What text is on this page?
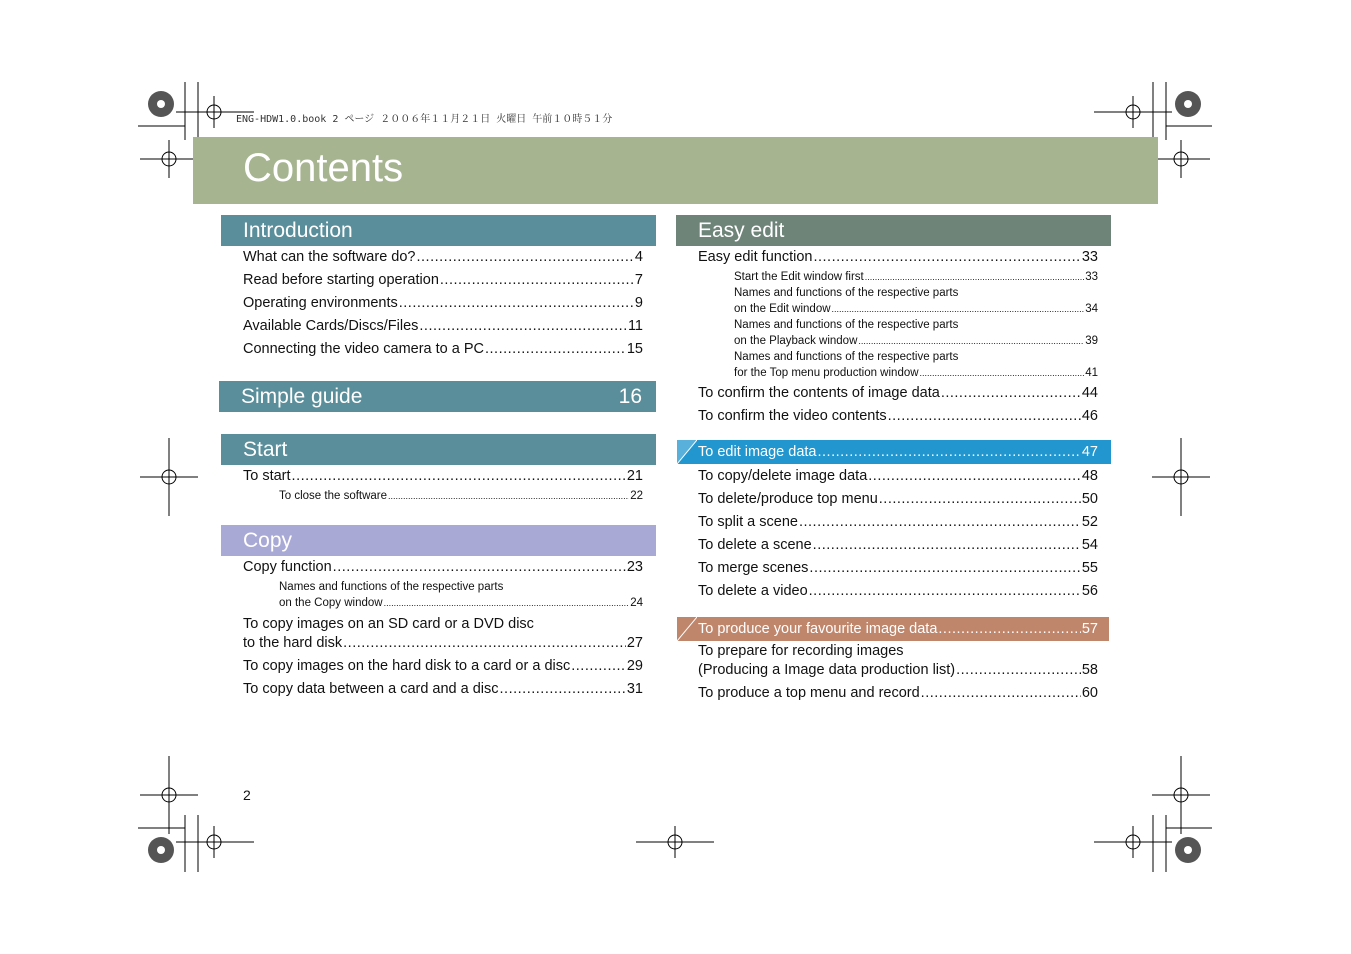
ENG-HDW1.0.book 2 ページ ２００６年１１月２１日 火曜日 午前１０時５１分
Contents
Introduction
What can the software do? .....	4
Read before starting operation .....	7
Operating environments .....	9
Available Cards/Discs/Files .....	11
Connecting the video camera to a PC .....	15
Simple guide	16
Start
To start .....	21
To close the software .....	22
Copy
Copy function .....	23
Names and functions of the respective parts
on the Copy window .....	24
To copy images on an SD card or a DVD disc
to the hard disk .....	27
To copy images on the hard disk to a card or a disc .....	29
To copy data between a card and a disc .....	31
Easy edit
Easy edit function .....	33
Start the Edit window first .....	33
Names and functions of the respective parts
on the Edit window .....	34
Names and functions of the respective parts
on the Playback window .....	39
Names and functions of the respective parts
for the Top menu production window .....	41
To confirm the contents of image data .....	44
To confirm the video contents .....	46
To edit image data .....	47
To copy/delete image data .....	48
To delete/produce top menu .....	50
To split a scene .....	52
To delete a scene .....	54
To merge scenes .....	55
To delete a video .....	56
To produce your favourite image data .....	57
To prepare for recording images
(Producing a Image data production list) .....	58
To produce a top menu and record .....	60
2
